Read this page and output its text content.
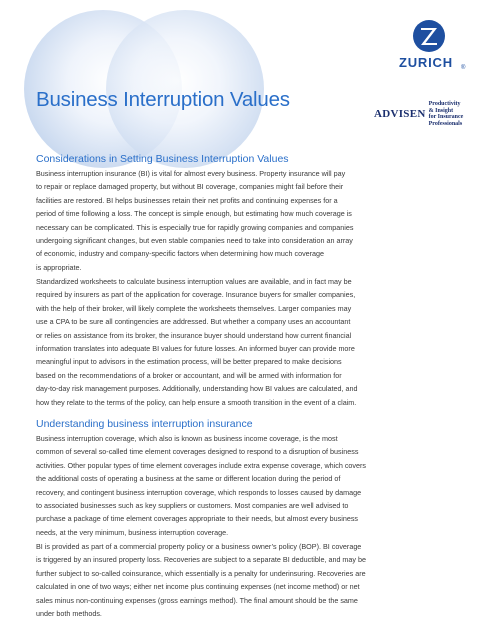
Business Interruption Values
ZURICH	®
ADVISEN
Productivity
& Insight
for Insurance
Professionals
Considerations in Setting Business Interruption Values
Business interruption insurance (BI) is vital for almost every business. Property insurance will pay
to repair or replace damaged property, but without BI coverage, companies might fail before their
facilities are restored. BI helps businesses retain their net profits and continuing expenses for a
period of time following a loss. The concept is simple enough, but estimating how much coverage is
necessary can be complicated. This is especially true for rapidly growing companies and companies
undergoing significant changes, but even stable companies need to take into consideration an array
of economic, industry and company-specific factors when determining how much coverage
is appropriate.
Standardized worksheets to calculate business interruption values are available, and in fact may be
required by insurers as part of the application for coverage. Insurance buyers for smaller companies,
with the help of their broker, will likely complete the worksheets themselves. Larger companies may
use a CPA to be sure all contingencies are addressed. But whether a company uses an accountant
or relies on assistance from its broker, the insurance buyer should understand how current financial
information translates into adequate BI values for future losses. An informed buyer can provide more
meaningful input to advisors in the estimation process, will be better prepared to make decisions
based on the recommendations of a broker or accountant, and will be armed with information for
day-to-day risk management purposes. Additionally, understanding how BI values are calculated, and
how they relate to the terms of the policy, can help ensure a smooth transition in the event of a claim.
Understanding business interruption insurance
Business interruption coverage, which also is known as business income coverage, is the most
common of several so-called time element coverages designed to respond to a disruption of business
activities. Other popular types of time element coverages include extra expense coverage, which covers
the additional costs of operating a business at the same or different location during the period of
recovery, and contingent business interruption coverage, which responds to losses caused by damage
to associated businesses such as key suppliers or customers. Most companies are well advised to
purchase a package of time element coverages appropriate to their needs, but almost every business
needs, at the very minimum, business interruption coverage.
BI is provided as part of a commercial property policy or a business owner’s policy (BOP). BI coverage
is triggered by an insured property loss. Recoveries are subject to a separate BI deductible, and may be
further subject to so-called coinsurance, which essentially is a penalty for underinsuring. Recoveries are
calculated in one of two ways; either net income plus continuing expenses (net income method) or net
sales minus non-continuing expenses (gross earnings method). The final amount should be the same
under both methods.
